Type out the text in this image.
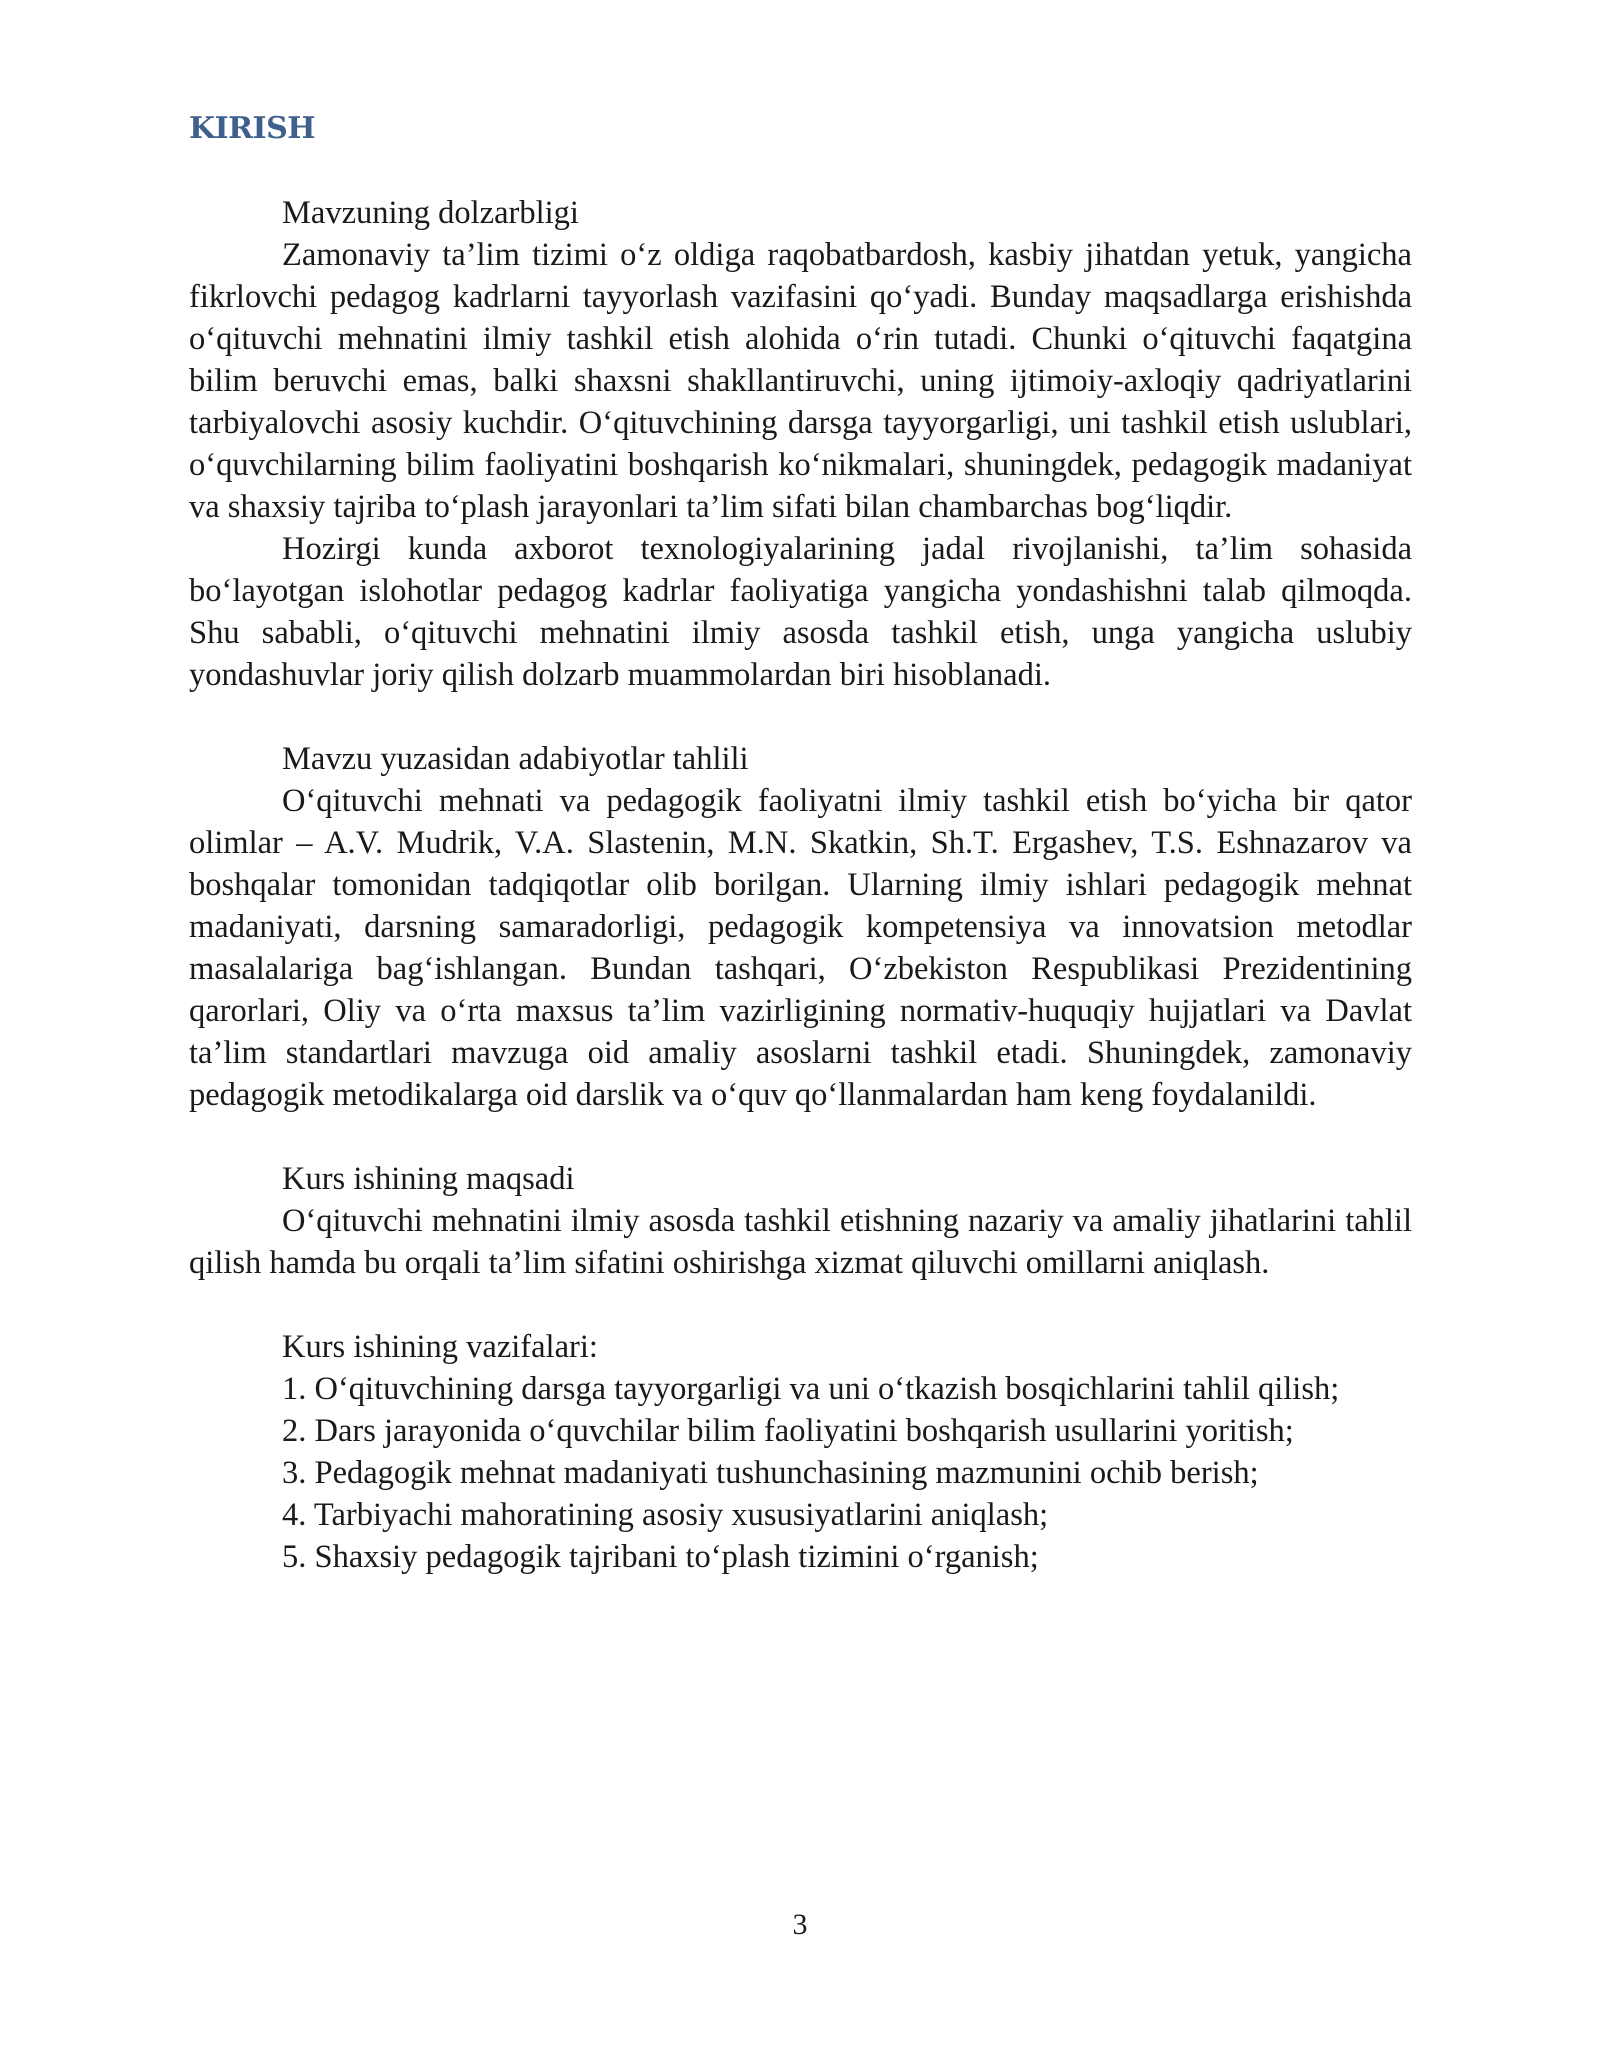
KIRISH

Mavzuning dolzarbligi

Zamonaviy ta’lim tizimi o‘z oldiga raqobatbardosh, kasbiy jihatdan yetuk, yangicha fikrlovchi pedagog kadrlarni tayyorlash vazifasini qo‘yadi. Bunday maqsadlarga erishishda o‘qituvchi mehnatini ilmiy tashkil etish alohida o‘rin tutadi. Chunki o‘qituvchi faqatgina bilim beruvchi emas, balki shaxsni shakllantiruvchi, uning ijtimoiy-axloqiy qadriyatlarini tarbiyalovchi asosiy kuchdir. O‘qituvchining darsga tayyorgarligi, uni tashkil etish uslublari, o‘quvchilarning bilim faoliyatini boshqarish ko‘nikmalari, shuningdek, pedagogik madaniyat va shaxsiy tajriba to‘plash jarayonlari ta’lim sifati bilan chambarchas bog‘liqdir.

Hozirgi kunda axborot texnologiyalarining jadal rivojlanishi, ta’lim sohasida bo‘layotgan islohotlar pedagog kadrlar faoliyatiga yangicha yondashishni talab qilmoqda. Shu sababli, o‘qituvchi mehnatini ilmiy asosda tashkil etish, unga yangicha uslubiy yondashuvlar joriy qilish dolzarb muammolardan biri hisoblanadi.

Mavzu yuzasidan adabiyotlar tahlili

O‘qituvchi mehnati va pedagogik faoliyatni ilmiy tashkil etish bo‘yicha bir qator olimlar – A.V. Mudrik, V.A. Slastenin, M.N. Skatkin, Sh.T. Ergashev, T.S. Eshnazarov va boshqalar tomonidan tadqiqotlar olib borilgan. Ularning ilmiy ishlari pedagogik mehnat madaniyati, darsning samaradorligi, pedagogik kompetensiya va innovatsion metodlar masalalariga bag‘ishlangan. Bundan tashqari, O‘zbekiston Respublikasi Prezidentining qarorlari, Oliy va o‘rta maxsus ta’lim vazirligining normativ-huquqiy hujjatlari va Davlat ta’lim standartlari mavzuga oid amaliy asoslarni tashkil etadi. Shuningdek, zamonaviy pedagogik metodikalarga oid darslik va o‘quv qo‘llanmalardan ham keng foydalanildi.

Kurs ishining maqsadi

O‘qituvchi mehnatini ilmiy asosda tashkil etishning nazariy va amaliy jihatlarini tahlil qilish hamda bu orqali ta’lim sifatini oshirishga xizmat qiluvchi omillarni aniqlash.

Kurs ishining vazifalari:

1. O‘qituvchining darsga tayyorgarligi va uni o‘tkazish bosqichlarini tahlil qilish;
2. Dars jarayonida o‘quvchilar bilim faoliyatini boshqarish usullarini yoritish;
3. Pedagogik mehnat madaniyati tushunchasining mazmunini ochib berish;
4. Tarbiyachi mahoratining asosiy xususiyatlarini aniqlash;
5. Shaxsiy pedagogik tajribani to‘plash tizimini o‘rganish;
3
